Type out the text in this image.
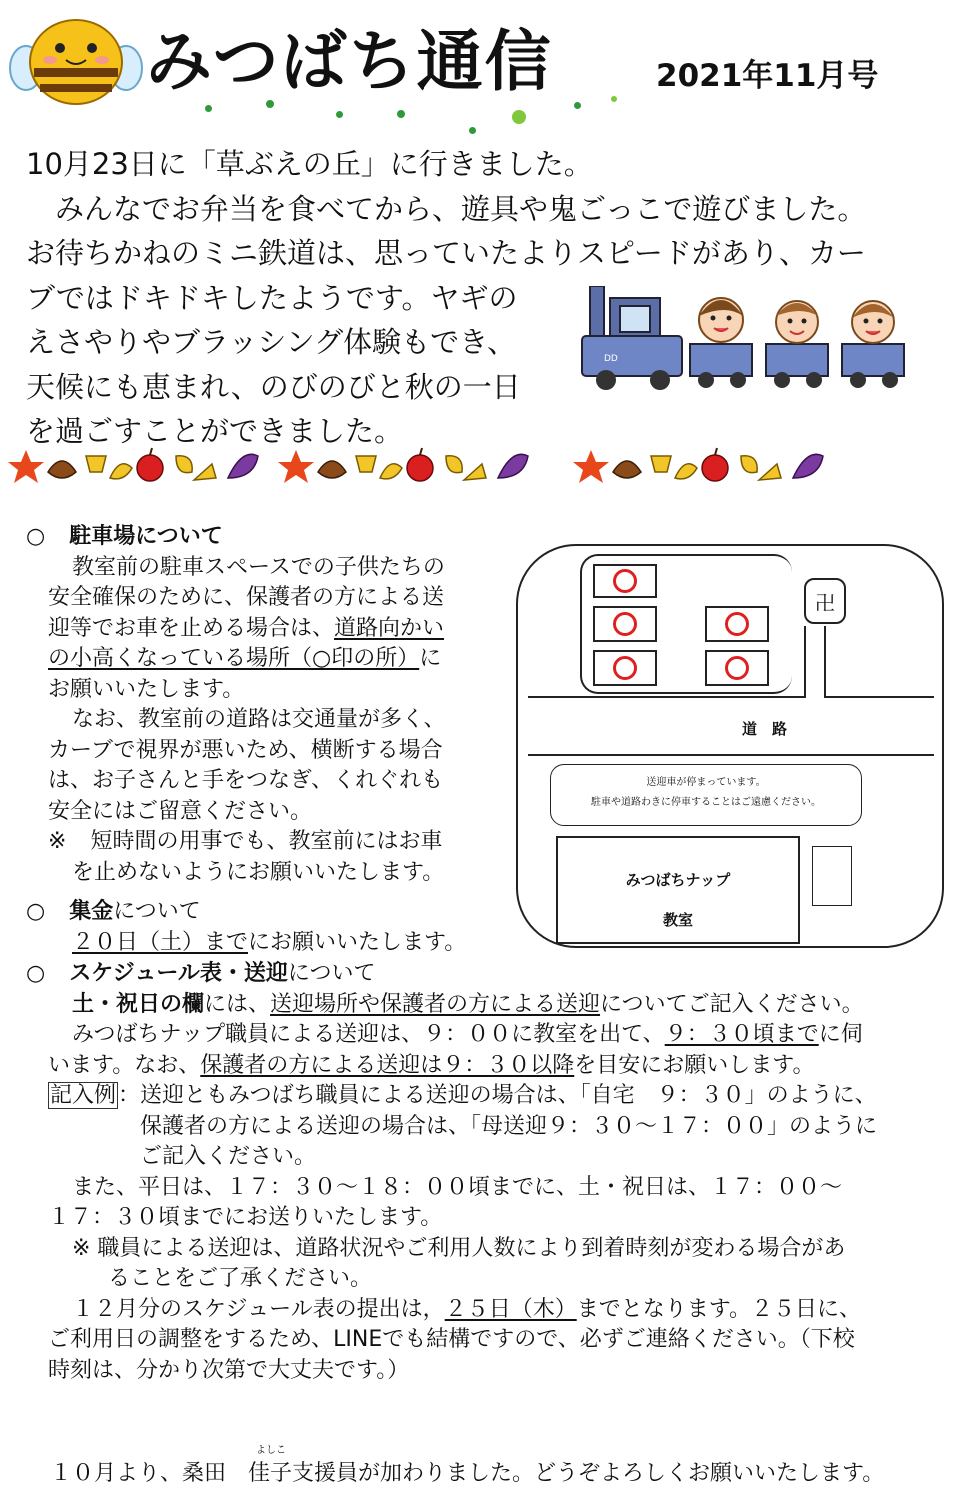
みつばち通信	2021年11月号
10月23日に「草ぶえの丘」に行きました。
　みんなでお弁当を食べてから、遊具や鬼ごっこで遊びました。
お待ちかねのミニ鉄道は、思っていたよりスピードがあり、カー
ブではドキドキしたようです。ヤギの
えさやりやブラッシング体験もでき、
天候にも恵まれ、のびのびと秋の一日
を過ごすことができました。
DD
○ 駐車場について
教室前の駐車スペースでの子供たちの
安全確保のために、保護者の方による送
迎等でお車を止める場合は、道路向かい
の小高くなっている場所（○印の所）に
お願いいたします。
なお、教室前の道路は交通量が多く、
カーブで視界が悪いため、横断する場合
は、お子さんと手をつなぎ、くれぐれも
安全にはご留意ください。
※ 短時間の用事でも、教室前にはお車
を止めないようにお願いいたします。
○ 集金について
２０日（土）までにお願いいたします。
○ スケジュール表・送迎について
土・祝日の欄には、送迎場所や保護者の方による送迎についてご記入ください。
みつばちナップ職員による送迎は、９：００に教室を出て、９：３０頃までに伺
います。なお、保護者の方による送迎は９：３０以降を目安にお願いします。
記入例：送迎ともみつばち職員による送迎の場合は、「自宅　９：３０」のように、
保護者の方による送迎の場合は、「母送迎９：３０～１７：００」のように
ご記入ください。
また、平日は、１７：３０～１８：００頃までに、土・祝日は、１７：００～
１７：３０頃までにお送りいたします。
※ 職員による送迎は、道路状況やご利用人数により到着時刻が変わる場合があ
ることをご了承ください。
１２月分のスケジュール表の提出は，２５日（木）までとなります。２５日に、
ご利用日の調整をするため、LINEでも結構ですので、必ずご連絡ください。（下校
時刻は、分かり次第で大丈夫です。）
卍
道　路
送迎車が停まっています。
駐車や道路わきに停車することはご遠慮ください。
みつばちナップ
教室
よしこ
１０月より、桑田　佳子支援員が加わりました。どうぞよろしくお願いいたします。
